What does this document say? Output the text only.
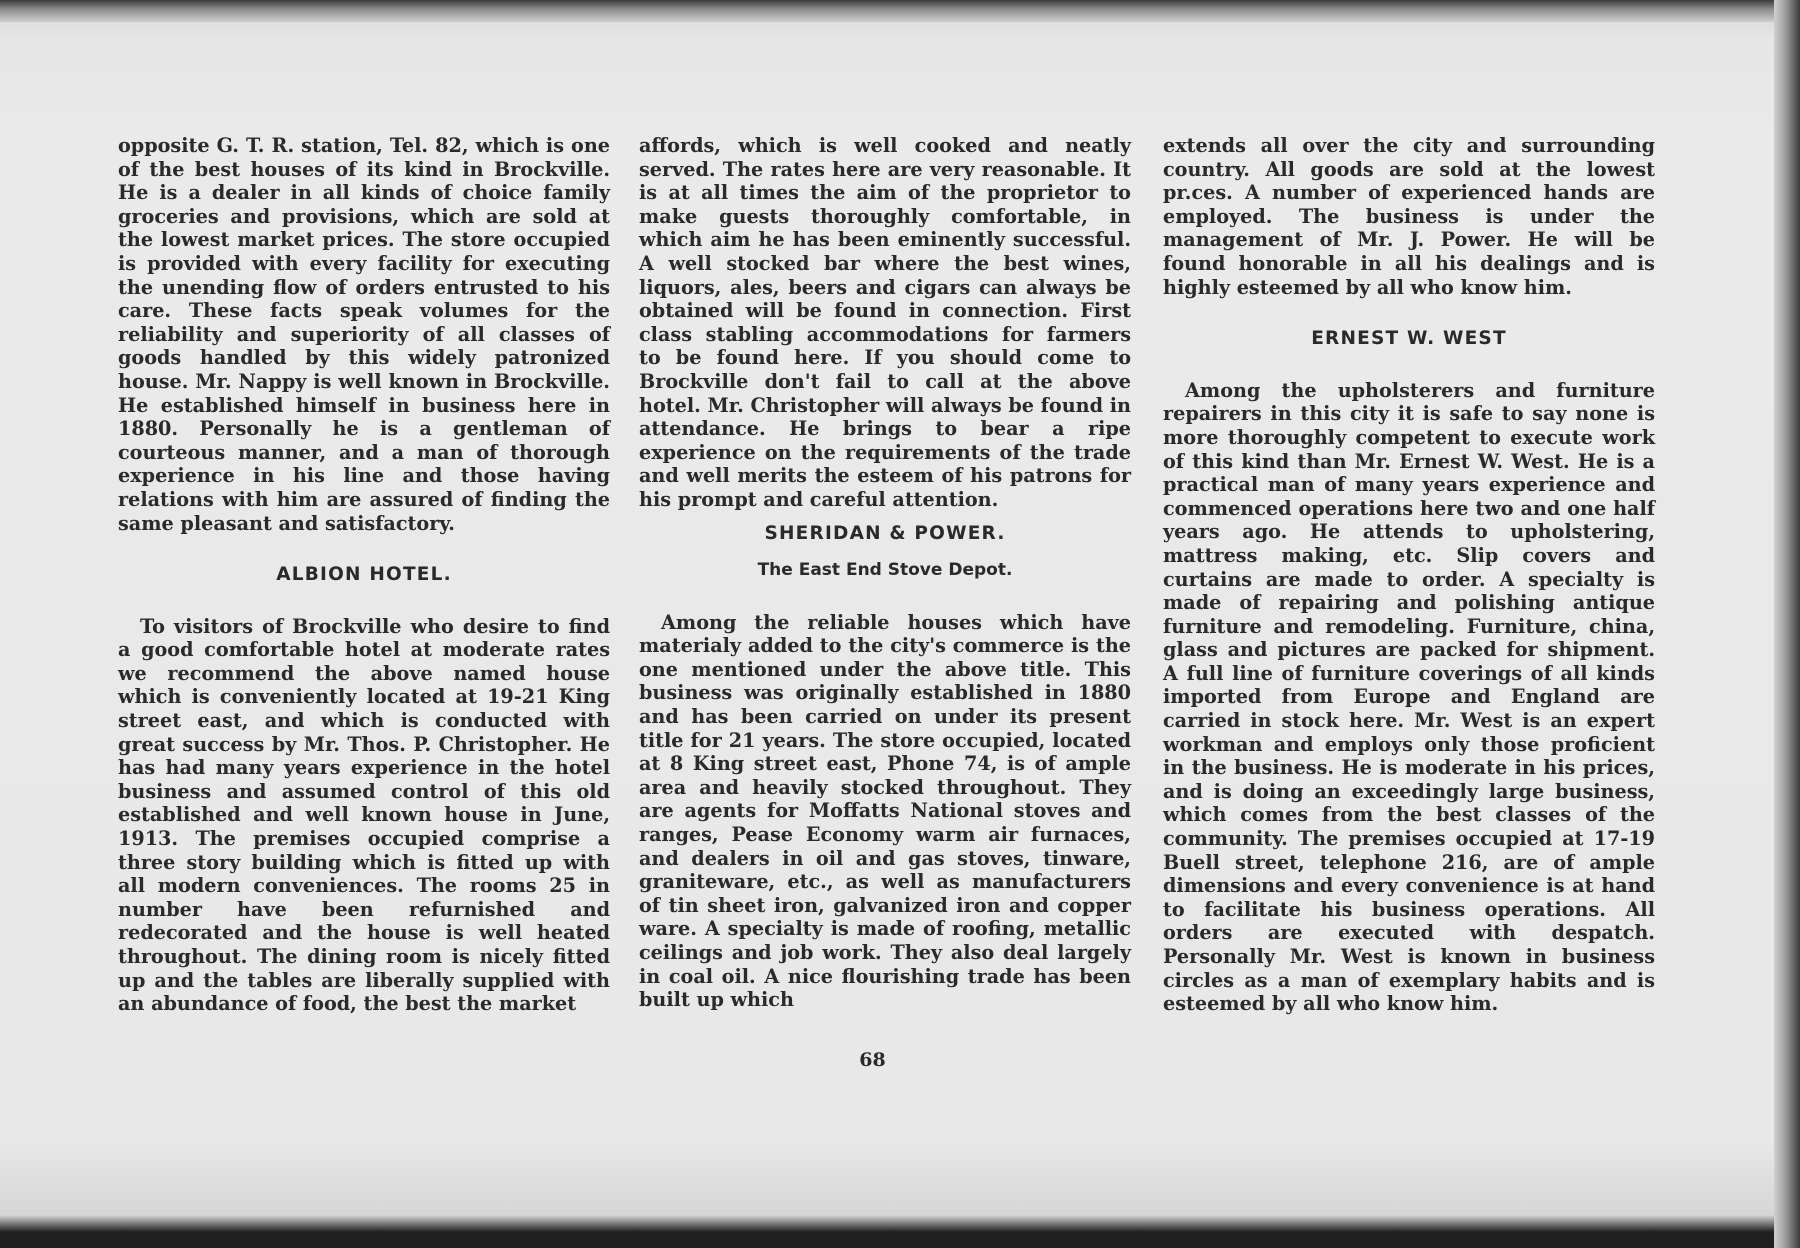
opposite G. T. R. station, Tel. 82, which is one of the best houses of its kind in Brockville. He is a dealer in all kinds of choice family groceries and provisions, which are sold at the lowest market prices. The store occupied is provided with every facility for executing the unending flow of orders entrusted to his care. These facts speak volumes for the reliability and superiority of all classes of goods handled by this widely patronized house. Mr. Nappy is well known in Brockville. He established himself in business here in 1880. Personally he is a gentleman of courteous manner, and a man of thorough experience in his line and those having relations with him are assured of finding the same pleasant and satisfactory.

ALBION HOTEL.

To visitors of Brockville who desire to find a good comfortable hotel at moderate rates we recommend the above named house which is conveniently located at 19-21 King street east, and which is conducted with great success by Mr. Thos. P. Christopher. He has had many years experience in the hotel business and assumed control of this old established and well known house in June, 1913. The premises occupied comprise a three story building which is fitted up with all modern conveniences. The rooms 25 in number have been refurnished and redecorated and the house is well heated throughout. The dining room is nicely fitted up and the tables are liberally supplied with an abundance of food, the best the market

affords, which is well cooked and neatly served. The rates here are very reasonable. It is at all times the aim of the proprietor to make guests thoroughly comfortable, in which aim he has been eminently successful. A well stocked bar where the best wines, liquors, ales, beers and cigars can always be obtained will be found in connection. First class stabling accommodations for farmers to be found here. If you should come to Brockville don't fail to call at the above hotel. Mr. Christopher will always be found in attendance. He brings to bear a ripe experience on the requirements of the trade and well merits the esteem of his patrons for his prompt and careful attention.

SHERIDAN & POWER.

The East End Stove Depot.

Among the reliable houses which have materialy added to the city's commerce is the one mentioned under the above title. This business was originally established in 1880 and has been carried on under its present title for 21 years. The store occupied, located at 8 King street east, Phone 74, is of ample area and heavily stocked throughout. They are agents for Moffatts National stoves and ranges, Pease Economy warm air furnaces, and dealers in oil and gas stoves, tinware, graniteware, etc., as well as manufacturers of tin sheet iron, galvanized iron and copper ware. A specialty is made of roofing, metallic ceilings and job work. They also deal largely in coal oil. A nice flourishing trade has been built up which

extends all over the city and surrounding country. All goods are sold at the lowest pr.ces. A number of experienced hands are employed. The business is under the management of Mr. J. Power. He will be found honorable in all his dealings and is highly esteemed by all who know him.

ERNEST W. WEST

Among the upholsterers and furniture repairers in this city it is safe to say none is more thoroughly competent to execute work of this kind than Mr. Ernest W. West. He is a practical man of many years experience and commenced operations here two and one half years ago. He attends to upholstering, mattress making, etc. Slip covers and curtains are made to order. A specialty is made of repairing and polishing antique furniture and remodeling. Furniture, china, glass and pictures are packed for shipment. A full line of furniture coverings of all kinds imported from Europe and England are carried in stock here. Mr. West is an expert workman and employs only those proficient in the business. He is moderate in his prices, and is doing an exceedingly large business, which comes from the best classes of the community. The premises occupied at 17-19 Buell street, telephone 216, are of ample dimensions and every convenience is at hand to facilitate his business operations. All orders are executed with despatch. Personally Mr. West is known in business circles as a man of exemplary habits and is esteemed by all who know him.

68
